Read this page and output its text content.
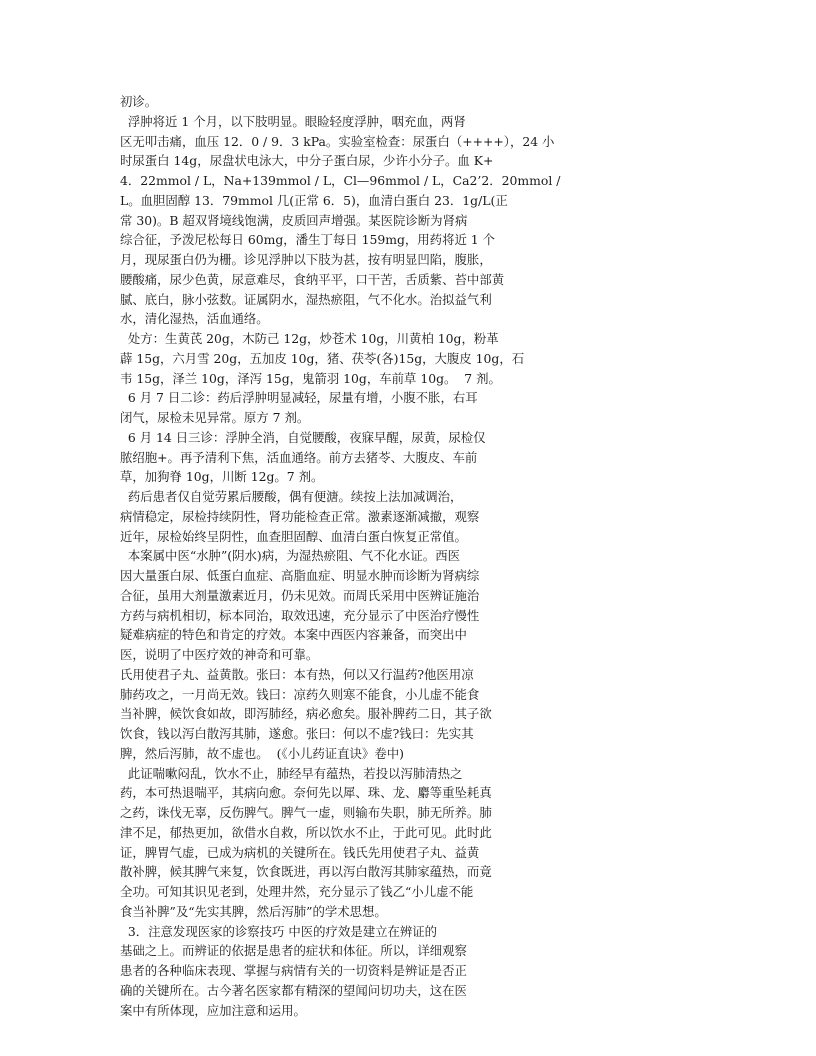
初诊。
浮肿将近 1 个月，以下肢明显。眼睑轻度浮肿，咽充血，两肾
区无叩击痛，血压 12．0 / 9．3 kPa。实验室检查：尿蛋白（++++），24 小
时尿蛋白 14g，尿盘状电泳大，中分子蛋白尿，少许小分子。血 K+
4．22mmol / L，Na+139mmol / L，Cl—96mmol / L，Ca2’2．20mmol /
L。血胆固醇 13．79mmol 几(正常 6．5)，血清白蛋白 23．1g/L(正
常 30)。B 超双肾境线饱满，皮质回声增强。某医院诊断为肾病
综合征，予泼尼松每日 60mg，潘生丁每日 159mg，用药将近 1 个
月，现尿蛋白仍为栅。诊见浮肿以下肢为甚，按有明显凹陷，腹胀，
腰酸痛，尿少色黄，尿意难尽，食纳平平，口干苦，舌质紫、苔中部黄
腻、底白，脉小弦数。证属阴水，湿热瘀阻，气不化水。治拟益气利
水，清化湿热，活血通络。
处方：生黄芪 20g，木防己 12g，炒苍术 10g，川黄柏 10g，粉革
薜 15g，六月雪 20g，五加皮 10g，猪、茯苓(各)15g，大腹皮 10g，石
韦 15g，泽兰 10g，泽泻 15g，鬼箭羽 10g，车前草 10g。  7 剂。
6 月 7 日二诊：药后浮肿明显减轻，尿量有增，小腹不胀，右耳
闭气，尿检未见异常。原方 7 剂。
6 月 14 日三诊：浮肿全消，自觉腰酸，夜寐早醒，尿黄，尿检仅
脓绍胞+。再予清利下焦，活血通络。前方去猪苓、大腹皮、车前
草，加狗脊 10g，川断 12g。7 剂。
药后患者仅自觉劳累后腰酸，偶有便溏。续按上法加减调治，
病情稳定，尿检持续阴性，肾功能检查正常。激素逐渐减撤，观察
近年，尿检始终呈阴性，血查胆固醇、血清白蛋白恢复正常值。
本案属中医“水肿”(阴水)病，为湿热瘀阻、气不化水证。西医
因大量蛋白尿、低蛋白血症、高脂血症、明显水肿而诊断为肾病综
合征，虽用大剂量激素近月，仍未见效。而周氏采用中医辨证施治
方药与病机相切，标本同治，取效迅速，充分显示了中医治疗慢性
疑难病症的特色和肯定的疗效。本案中西医内容兼备，而突出中
医，说明了中医疗效的神奇和可靠。
氏用使君子丸、益黄散。张曰：本有热，何以又行温药?他医用凉
肺药攻之，一月尚无效。钱曰：凉药久则寒不能食，小儿虚不能食
当补脾，候饮食如故，即泻肺经，病必愈矣。服补脾药二日，其子欲
饮食，钱以泻白散泻其肺，遂愈。张曰：何以不虚?钱曰：先实其
脾，然后泻肺，故不虚也。  (《小儿药证直诀》卷中)
此证喘嗽闷乱，饮水不止，肺经早有蕴热，若投以泻肺清热之
药，本可热退喘平，其病向愈。奈何先以犀、珠、龙、麝等重坠耗真
之药，诛伐无辜，反伤脾气。脾气一虚，则输布失职，肺无所养。肺
津不足，郁热更加，欲借水自救，所以饮水不止，于此可见。此时此
证，脾胃气虚，已成为病机的关键所在。钱氏先用使君子丸、益黄
散补脾，候其脾气来复，饮食既进，再以泻白散泻其肺家蕴热，而竟
全功。可知其识见老到，处理井然，充分显示了钱乙“小儿虚不能
食当补脾”及“先实其脾，然后泻肺”的学术思想。
3．注意发现医家的诊察技巧 中医的疗效是建立在辨证的
基础之上。而辨证的依据是患者的症状和体征。所以，详细观察
患者的各种临床表现、掌握与病情有关的一切资料是辨证是否正
确的关键所在。古今著名医家都有精深的望闻问切功夫，这在医
案中有所体现，应加注意和运用。
